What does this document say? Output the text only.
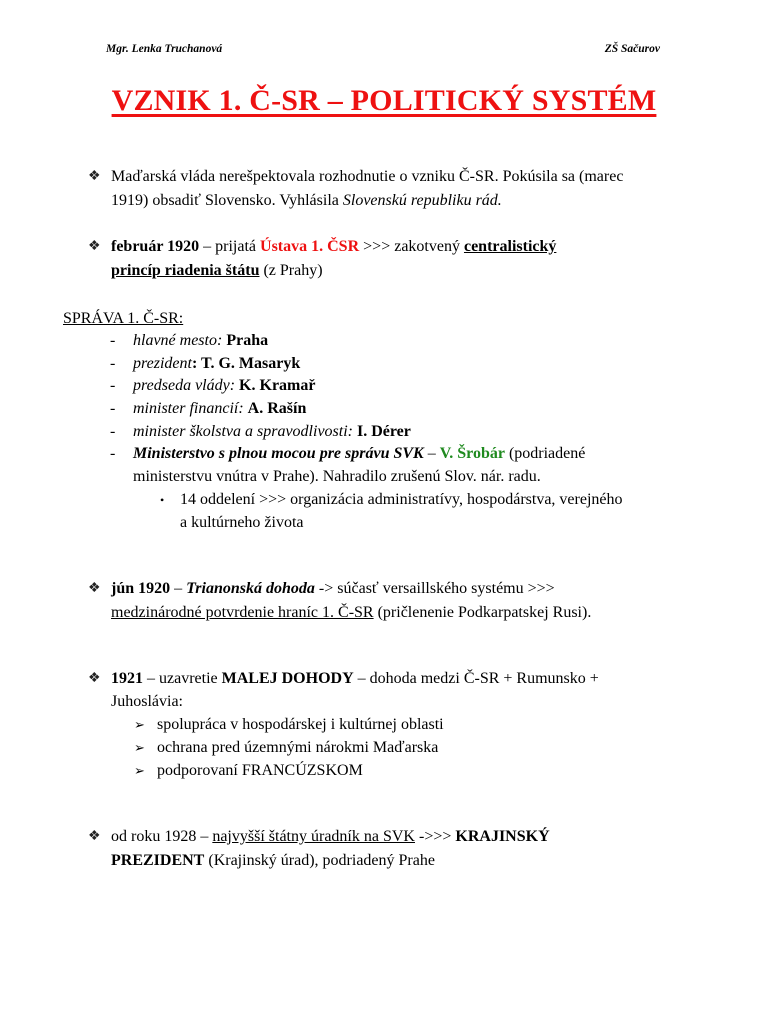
Mgr. Lenka Truchanová	ZŠ Sačurov
VZNIK 1. Č-SR – POLITICKÝ SYSTÉM
❖ Maďarská vláda nerešpektovala rozhodnutie o vzniku Č-SR. Pokúsila sa (marec
1919) obsadiť Slovensko. Vyhlásila Slovenskú republiku rád.
❖ február 1920 – prijatá Ústava 1. ČSR >>> zakotvený centralistický
princíp riadenia štátu (z Prahy)
SPRÁVA 1. Č-SR:
- hlavné mesto: Praha
- prezident: T. G. Masaryk
- predseda vlády: K. Kramař
- minister financií: A. Rašín
- minister školstva a spravodlivosti: I. Dérer
- Ministerstvo s plnou mocou pre správu SVK – V. Šrobár (podriadené
ministerstvu vnútra v Prahe). Nahradilo zrušenú Slov. nár. radu.
• 14 oddelení >>> organizácia administratívy, hospodárstva, verejného
a kultúrneho života
❖ jún 1920 – Trianonská dohoda -> súčasť versaillského systému >>>
medzinárodné potvrdenie hraníc 1. Č-SR (pričlenenie Podkarpatskej Rusi).
❖ 1921 – uzavretie MALEJ DOHODY – dohoda medzi Č-SR + Rumunsko +
Juhoslávia:
➢ spolupráca v hospodárskej i kultúrnej oblasti
➢ ochrana pred územnými nárokmi Maďarska
➢ podporovaní FRANCÚZSKOM
❖ od roku 1928 – najvyšší štátny úradník na SVK ->>> KRAJINSKÝ
PREZIDENT (Krajinský úrad), podriadený Prahe
